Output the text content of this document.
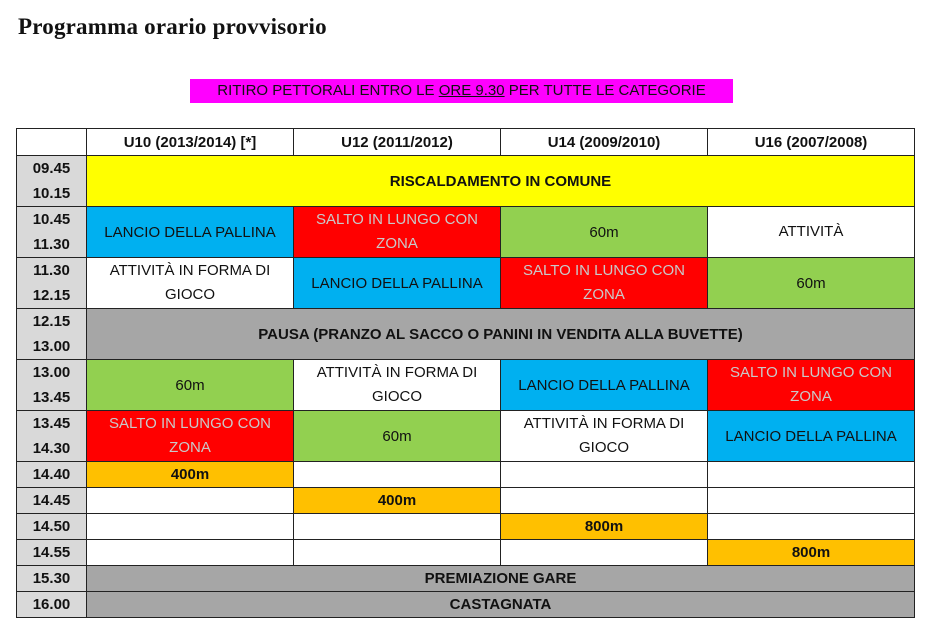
Programma orario provvisorio
RITIRO PETTORALI ENTRO LE ORE 9.30 PER TUTTE LE CATEGORIE
	U10 (2013/2014) [*]	U12 (2011/2012)	U14 (2009/2010)	U16 (2007/2008)

09.45
10.15	RISCALDAMENTO IN COMUNE			

10.45
11.30	LANCIO DELLA PALLINA	SALTO IN LUNGO CON ZONA	60m	ATTIVITÀ

11.30
12.15	ATTIVITÀ IN FORMA DI GIOCO	LANCIO DELLA PALLINA	SALTO IN LUNGO CON ZONA	60m

12.15
13.00	PAUSA (PRANZO AL SACCO O PANINI IN VENDITA ALLA BUVETTE)			

13.00
13.45	60m	ATTIVITÀ IN FORMA DI GIOCO	LANCIO DELLA PALLINA	SALTO IN LUNGO CON ZONA

13.45
14.30	SALTO IN LUNGO CON ZONA	60m	ATTIVITÀ IN FORMA DI GIOCO	LANCIO DELLA PALLINA
14.40	400m			
14.45		400m		
14.50			800m	
14.55				800m
15.30	PREMIAZIONE GARE			
16.00	CASTAGNATA			
